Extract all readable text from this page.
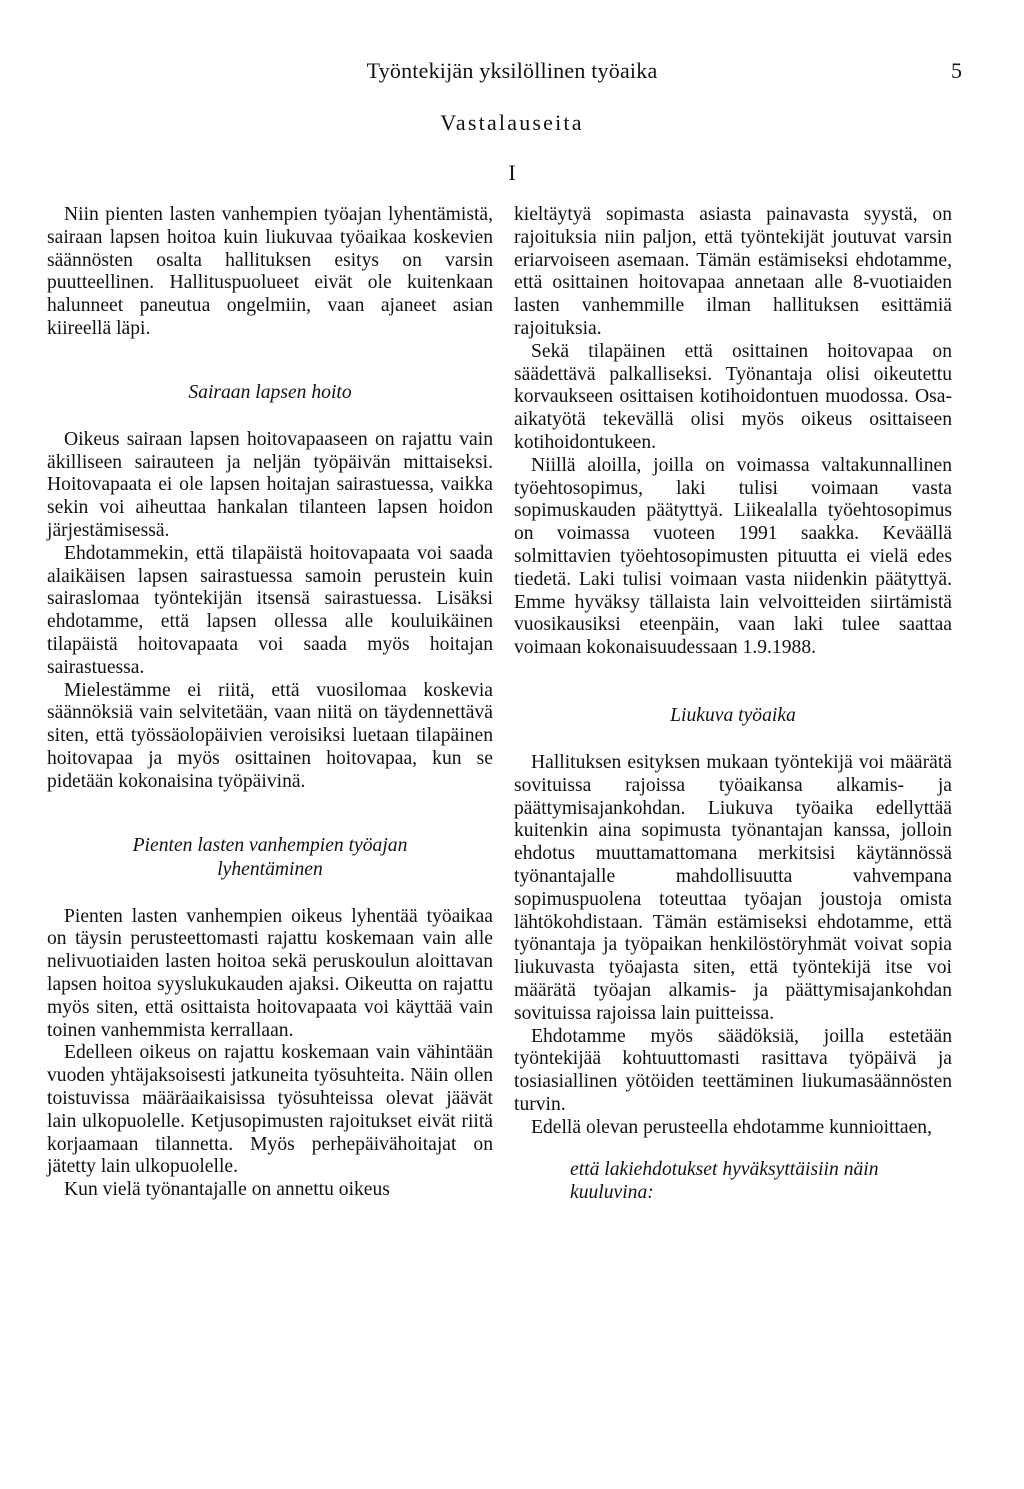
Työntekijän yksilöllinen työaika	5
Vastalauseita
I

Niin pienten lasten vanhempien työajan lyhentämistä, sairaan lapsen hoitoa kuin liukuvaa työaikaa koskevien säännösten osalta hallituksen esitys on varsin puutteellinen. Hallituspuolueet eivät ole kuitenkaan halunneet paneutua ongelmiin, vaan ajaneet asian kiireellä läpi.

Sairaan lapsen hoito

Oikeus sairaan lapsen hoitovapaaseen on rajattu vain äkilliseen sairauteen ja neljän työpäivän mittaiseksi. Hoitovapaata ei ole lapsen hoitajan sairastuessa, vaikka sekin voi aiheuttaa hankalan tilanteen lapsen hoidon järjestämisessä.

Ehdotammekin, että tilapäistä hoitovapaata voi saada alaikäisen lapsen sairastuessa samoin perustein kuin sairaslomaa työntekijän itsensä sairastuessa. Lisäksi ehdotamme, että lapsen ollessa alle kouluikäinen tilapäistä hoitovapaata voi saada myös hoitajan sairastuessa.

Mielestämme ei riitä, että vuosilomaa koskevia säännöksiä vain selvitetään, vaan niitä on täydennettävä siten, että työssäolopäivien veroisiksi luetaan tilapäinen hoitovapaa ja myös osittainen hoitovapaa, kun se pidetään kokonaisina työpäivinä.

Pienten lasten vanhempien työajan
lyhentäminen

Pienten lasten vanhempien oikeus lyhentää työaikaa on täysin perusteettomasti rajattu koskemaan vain alle nelivuotiaiden lasten hoitoa sekä peruskoulun aloittavan lapsen hoitoa syyslukukauden ajaksi. Oikeutta on rajattu myös siten, että osittaista hoitovapaata voi käyttää vain toinen vanhemmista kerrallaan.

Edelleen oikeus on rajattu koskemaan vain vähintään vuoden yhtäjaksoisesti jatkuneita työsuhteita. Näin ollen toistuvissa määräaikaisissa työsuhteissa olevat jäävät lain ulkopuolelle. Ketjusopimusten rajoitukset eivät riitä korjaamaan tilannetta. Myös perhepäivähoitajat on jätetty lain ulkopuolelle.

Kun vielä työnantajalle on annettu oikeus

kieltäytyä sopimasta asiasta painavasta syystä, on rajoituksia niin paljon, että työntekijät joutuvat varsin eriarvoiseen asemaan. Tämän estämiseksi ehdotamme, että osittainen hoitovapaa annetaan alle 8-vuotiaiden lasten vanhemmille ilman hallituksen esittämiä rajoituksia.

Sekä tilapäinen että osittainen hoitovapaa on säädettävä palkalliseksi. Työnantaja olisi oikeutettu korvaukseen osittaisen kotihoidontuen muodossa. Osa-aikatyötä tekevällä olisi myös oikeus osittaiseen kotihoidontukeen.

Niillä aloilla, joilla on voimassa valtakunnallinen työehtosopimus, laki tulisi voimaan vasta sopimuskauden päätyttyä. Liikealalla työehtosopimus on voimassa vuoteen 1991 saakka. Keväällä solmittavien työehtosopimusten pituutta ei vielä edes tiedetä. Laki tulisi voimaan vasta niidenkin päätyttyä. Emme hyväksy tällaista lain velvoitteiden siirtämistä vuosikausiksi eteenpäin, vaan laki tulee saattaa voimaan kokonaisuudessaan 1.9.1988.

Liukuva työaika

Hallituksen esityksen mukaan työntekijä voi määrätä sovituissa rajoissa työaikansa alkamis- ja päättymisajankohdan. Liukuva työaika edellyttää kuitenkin aina sopimusta työnantajan kanssa, jolloin ehdotus muuttamattomana merkitsisi käytännössä työnantajalle mahdollisuutta vahvempana sopimuspuolena toteuttaa työajan joustoja omista lähtökohdistaan. Tämän estämiseksi ehdotamme, että työnantaja ja työpaikan henkilöstöryhmät voivat sopia liukuvasta työajasta siten, että työntekijä itse voi määrätä työajan alkamis- ja päättymisajankohdan sovituissa rajoissa lain puitteissa.

Ehdotamme myös säädöksiä, joilla estetään työntekijää kohtuuttomasti rasittava työpäivä ja tosiasiallinen yötöiden teettäminen liukumasäännösten turvin.

Edellä olevan perusteella ehdotamme kunnioittaen,

että lakiehdotukset hyväksyttäisiin näin kuuluvina:
